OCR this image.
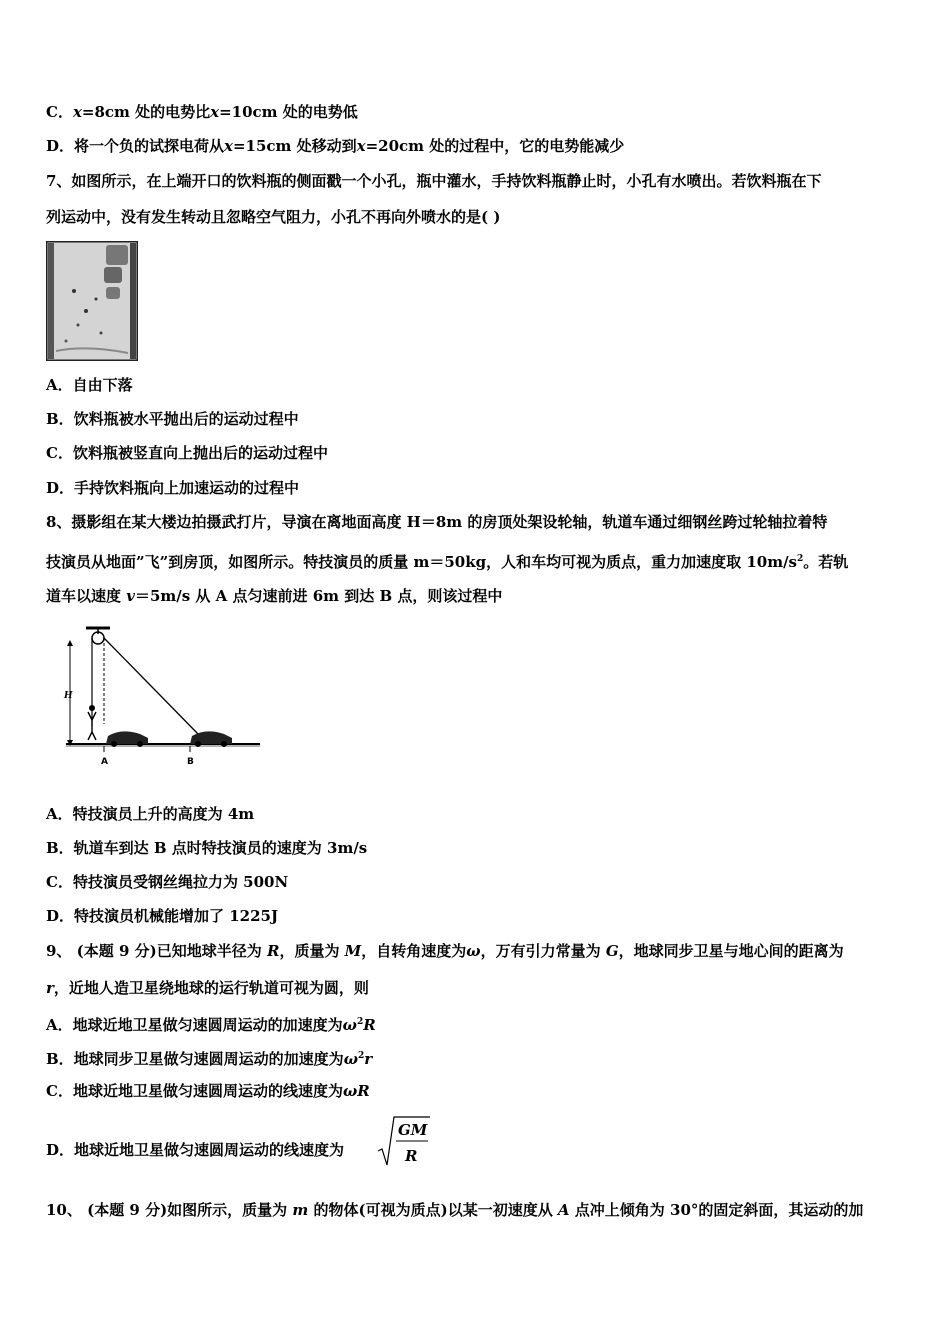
C．x=8cm 处的电势比x=10cm 处的电势低
D．将一个负的试探电荷从x=15cm 处移动到x=20cm 处的过程中，它的电势能减少
7、如图所示，在上端开口的饮料瓶的侧面戳一个小孔，瓶中灌水，手持饮料瓶静止时，小孔有水喷出。若饮料瓶在下
列运动中，没有发生转动且忽略空气阻力，小孔不再向外喷水的是( )
A．自由下落
B．饮料瓶被水平抛出后的运动过程中
C．饮料瓶被竖直向上抛出后的运动过程中
D．手持饮料瓶向上加速运动的过程中
8、摄影组在某大楼边拍摄武打片，导演在离地面高度 H＝8m 的房顶处架设轮轴，轨道车通过细钢丝跨过轮轴拉着特
技演员从地面”飞”到房顶，如图所示。特技演员的质量 m＝50kg，人和车均可视为质点，重力加速度取 $10m/s^2$。若轨
道车以速度 v＝5m/s 从 A 点匀速前进 6m 到达 B 点，则该过程中
H
A	B
A．特技演员上升的高度为 4m
B．轨道车到达 B 点时特技演员的速度为 3m/s
C．特技演员受钢丝绳拉力为 500N
D．特技演员机械能增加了 1225J
9、 (本题 9 分)已知地球半径为 R，质量为 M，自转角速度为ω，万有引力常量为 G，地球同步卫星与地心间的距离为
r，近地人造卫星绕地球的运行轨道可视为圆，则
A．地球近地卫星做匀速圆周运动的加速度为$\omega^2R$
B．地球同步卫星做匀速圆周运动的加速度为$\omega^2r$
C．地球近地卫星做匀速圆周运动的线速度为ωR
D．地球近地卫星做匀速圆周运动的线速度为
GM
R
10、 (本题 9 分)如图所示，质量为 m 的物体(可视为质点)以某一初速度从 A 点冲上倾角为 30°的固定斜面，其运动的加
